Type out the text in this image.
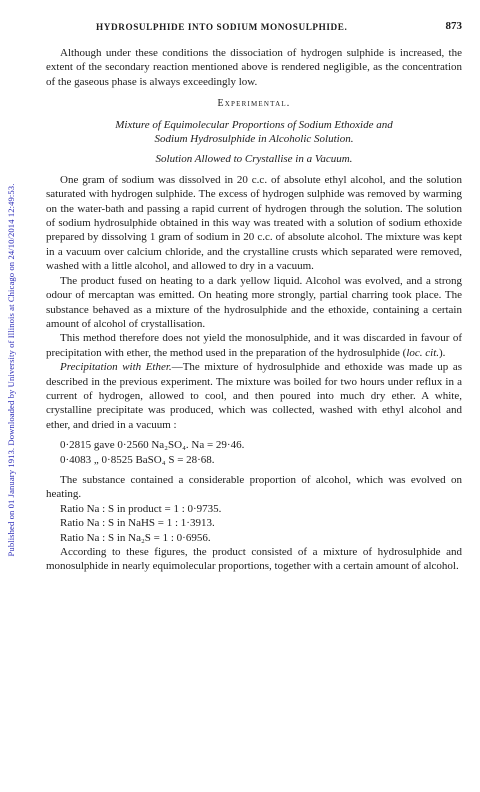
Published on 01 January 1913. Downloaded by University of Illinois at Chicago on 24/10/2014 12:49:53.
HYDROSULPHIDE INTO SODIUM MONOSULPHIDE.	873

Although under these conditions the dissociation of hydrogen sulphide is increased, the extent of the secondary reaction mentioned above is rendered negligible, as the concentration of the gaseous phase is always exceedingly low.

Experimental.
Mixture of Equimolecular Proportions of Sodium Ethoxide and
Sodium Hydrosulphide in Alcoholic Solution.
Solution Allowed to Crystallise in a Vacuum.

One gram of sodium was dissolved in 20 c.c. of absolute ethyl alcohol, and the solution saturated with hydrogen sulphide. The excess of hydrogen sulphide was removed by warming on the water-bath and passing a rapid current of hydrogen through the solution. The solution of sodium hydrosulphide obtained in this way was treated with a solution of sodium ethoxide prepared by dissolving 1 gram of sodium in 20 c.c. of absolute alcohol. The mixture was kept in a vacuum over calcium chloride, and the crystalline crusts which separated were removed, washed with a little alcohol, and allowed to dry in a vacuum.

The product fused on heating to a dark yellow liquid. Alcohol was evolved, and a strong odour of mercaptan was emitted. On heating more strongly, partial charring took place. The substance behaved as a mixture of the hydrosulphide and the ethoxide, containing a certain amount of alcohol of crystallisation.

This method therefore does not yield the monosulphide, and it was discarded in favour of precipitation with ether, the method used in the preparation of the hydrosulphide (loc. cit.).

Precipitation with Ether.—The mixture of hydrosulphide and ethoxide was made up as described in the previous experiment. The mixture was boiled for two hours under reflux in a current of hydrogen, allowed to cool, and then poured into much dry ether. A white, crystalline precipitate was produced, which was collected, washed with ethyl alcohol and ether, and dried in a vacuum :

0·2815 gave 0·2560 Na₂SO₄. Na = 29·46.
0·4083 „ 0·8525 BaSO₄ S = 28·68.

The substance contained a considerable proportion of alcohol, which was evolved on heating.

Ratio Na : S in product = 1 : 0·9735.
Ratio Na : S in NaHS = 1 : 1·3913.
Ratio Na : S in Na₂S = 1 : 0·6956.

According to these figures, the product consisted of a mixture of hydrosulphide and monosulphide in nearly equimolecular proportions, together with a certain amount of alcohol.
